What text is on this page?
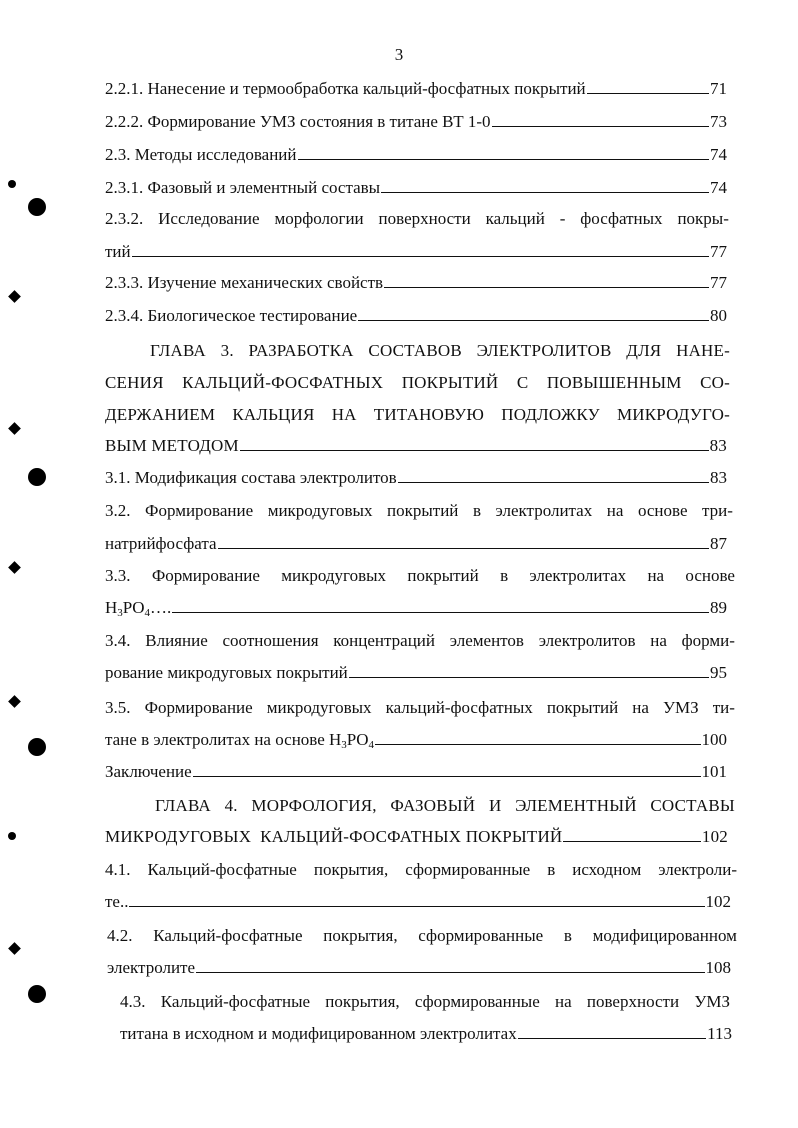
3
2.2.1. Нанесение и термообработка кальций-фосфатных покрытий	71
2.2.2. Формирование УМЗ состояния в титане ВТ 1-0	73
2.3. Методы исследований	74
2.3.1. Фазовый и элементный составы	74
2.3.2. Исследование морфологии поверхности кальций - фосфатных покры-
тий	77
2.3.3. Изучение механических свойств	77
2.3.4. Биологическое тестирование	80
ГЛАВА 3. РАЗРАБОТКА СОСТАВОВ ЭЛЕКТРОЛИТОВ ДЛЯ НАНЕ-
СЕНИЯ КАЛЬЦИЙ-ФОСФАТНЫХ ПОКРЫТИЙ С ПОВЫШЕННЫМ СО-
ДЕРЖАНИЕМ КАЛЬЦИЯ НА ТИТАНОВУЮ ПОДЛОЖКУ МИКРОДУГО-
ВЫМ МЕТОДОМ	83
3.1. Модификация состава электролитов	83
3.2. Формирование микродуговых покрытий в электролитах на основе три-
натрийфосфата	87
3.3. Формирование микродуговых покрытий в электролитах на основе
$H_3PO_4\dots$.	89
3.4. Влияние соотношения концентраций элементов электролитов на форми-
рование микродуговых покрытий	95
3.5. Формирование микродуговых кальций-фосфатных покрытий на УМЗ ти-
тане в электролитах на основе $H_3PO_4$	100
Заключение	101
ГЛАВА 4. МОРФОЛОГИЯ, ФАЗОВЫЙ И ЭЛЕМЕНТНЫЙ СОСТАВЫ
МИКРОДУГОВЫХ  КАЛЬЦИЙ-ФОСФАТНЫХ ПОКРЫТИЙ	102
4.1. Кальций-фосфатные покрытия, сформированные в исходном электроли-
те..	102
4.2. Кальций-фосфатные покрытия, сформированные в модифицированном
электролите	108
4.3. Кальций-фосфатные покрытия, сформированные на поверхности УМЗ
титана в исходном и модифицированном электролитах	113
